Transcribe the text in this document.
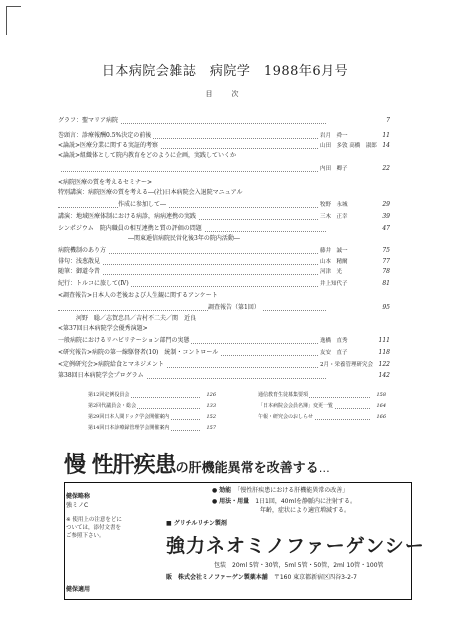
日本病院会雑誌　病院学　1988年6月号
目　次
グラフ：聖マリア病院	7
巻頭言：診療報酬0.5%決定の前後	岩月　舜一	11
<論説>医療分業に関する実証的考察	山田　多敦 高橋　淑郎 14
<論説>組織体として院内教育をどのように企画，実践していくか
内田　卿子	22
<病院医療の質を考えるセミナー>
特別講演：病院医療の質を考える―(社)日本病院会入退院マニュアル
作成に参加して―	牧野　永城	29
講演：地域医療体制における病診，病病連携の実践	三木　正幸	39
シンポジウム　院内職員の相互連携と質の評価の問題	47
―関東逓信病院民営化後3年の院内活動―
病院機制のあり方	藤井　誠一	75
俳句：浅葱散見	山本　精爾	77
随筆：御道今昔	河津　光	78
紀行：トルコに旅して(Ⅳ)	井上知代子	81
<調査報告>日本人の老後および人生観に関するアンケート
調査報告（第1回）	95
河野　聡／志賀忠昌／吉村不二夫／関　近良
<第37回日本病院学会優秀演題>
一般病院におけるリハビリテーション部門の実態	逸橋　直秀	111
<研究報告>病院の第一線駆督者(10)　統制・コントロール	友安　直子	118
<定例研究会>病院給食とマネジメント	2月・栄養管理研究会 122
第38回日本病院学会プログラム	142
第12回定例役員会	126
第2回代議員会・総会	133
第29回日本人間ドック学会開催案内	152
第14回日本診療録管理学会開催案内	157
通信教育生徒募集要項	158
「日本病院会会員名簿」変更一覧	164
午報・研究会のおしらせ	166
慢 性肝疾患の肝機能異常を改善する…
健保略称
強ミノC
● 効能　 「慢性肝疾患における肝機能異常の改善」
● 用法・用量　 1日1回，40mlを静脈内に注射する。
年齢，症状により適宜増減する。
※ 使用上の注意をどについては，添付文書をご参照下さい。
■ グリチルリチン製剤
強力ネオミノファーゲンシー
包装　 20ml 5管・30管，5ml 5管・50管，2ml 10管・100管
販　 株式会社ミノファーゲン製薬本舗　 〒160 東京都新宿区四谷3-2-7
健保適用
